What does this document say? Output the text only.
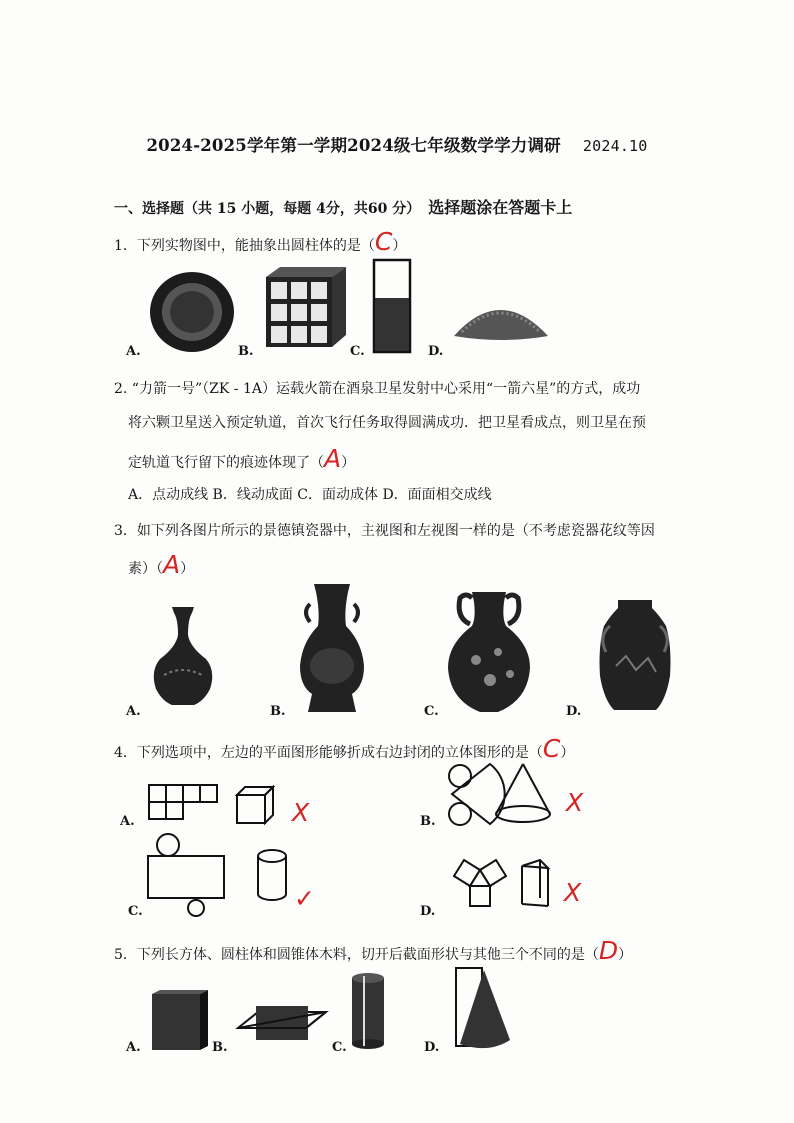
2024-2025学年第一学期2024级七年级数学学力调研 2024.10
一、选择题（共 15 小题，每题 4分，共60 分） 选择题涂在答题卡上
1．下列实物图中，能抽象出圆柱体的是（C）
A.	B.	C.	D.
2. “力箭一号”（ZK - 1A）运载火箭在酒泉卫星发射中心采用“一箭六星”的方式，成功
将六颗卫星送入预定轨道，首次飞行任务取得圆满成功．把卫星看成点，则卫星在预
定轨道飞行留下的痕迹体现了（A）
A．点动成线 B．线动成面 C．面动成体 D．面面相交成线
3．如下列各图片所示的景德镇瓷器中，主视图和左视图一样的是（不考虑瓷器花纹等因
素）（A）
A.	B.	C.	D.
4．下列选项中，左边的平面图形能够折成右边封闭的立体图形的是（C）
A.	X	B.
X
C.	✓	D.
X
5．下列长方体、圆柱体和圆锥体木料，切开后截面形状与其他三个不同的是（D）
A.	B.	C.	D.
